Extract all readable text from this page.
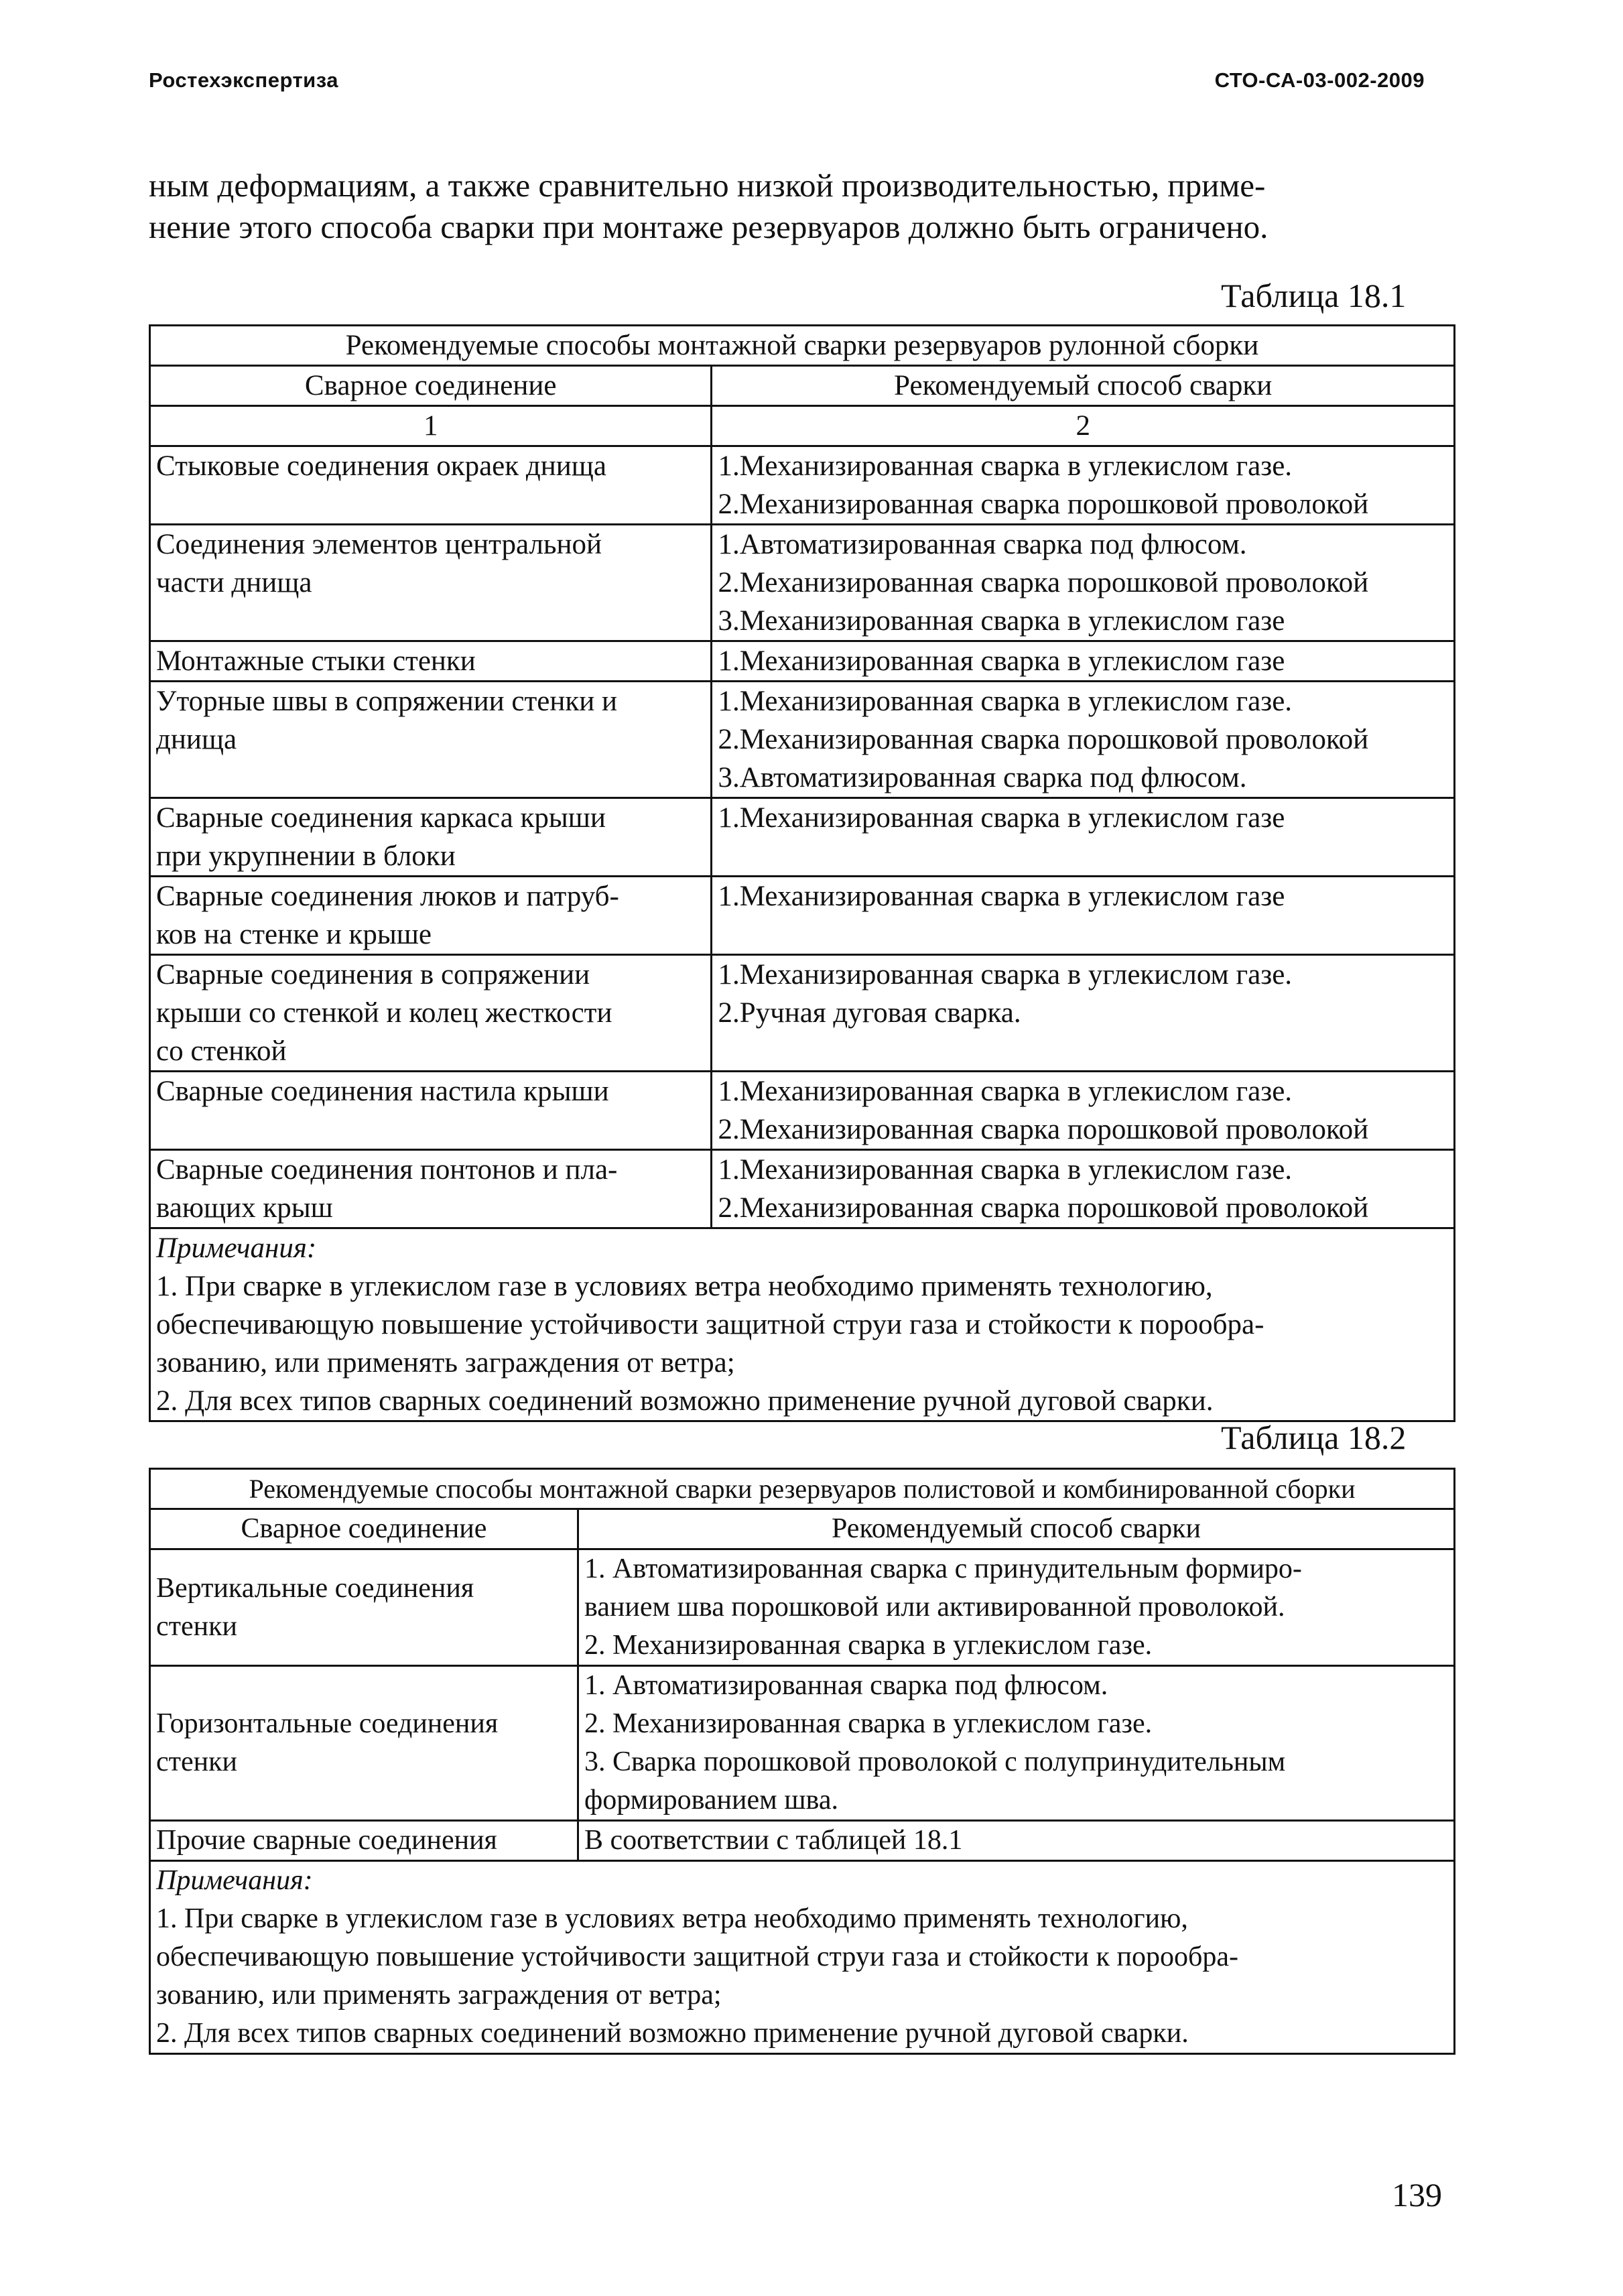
Ростехэкспертиза	СТО-СА-03-002-2009

ным деформациям, а также сравнительно низкой производительностью, приме-

нение этого способа сварки при монтаже резервуаров должно быть ограничено.

Таблица 18.1
Рекомендуемые способы монтажной сварки резервуаров рулонной сборки	
Сварное соединение	Рекомендуемый способ сварки
1	2

Стыковые соединения окраек днища	1.Механизированная сварка в углекислом газе.
2.Механизированная сварка порошковой проволокой

Соединения элементов центральной
части днища	1.Автоматизированная сварка под флюсом.
2.Механизированная сварка порошковой проволокой
3.Механизированная сварка в углекислом газе

Монтажные стыки стенки	1.Механизированная сварка в углекислом газе

Уторные швы в сопряжении стенки и
днища	1.Механизированная сварка в углекислом газе.
2.Механизированная сварка порошковой проволокой
3.Автоматизированная сварка под флюсом.

Сварные соединения каркаса крыши
при укрупнении в блоки	1.Механизированная сварка в углекислом газе

Сварные соединения люков и патруб-
ков на стенке и крыше	1.Механизированная сварка в углекислом газе

Сварные соединения в сопряжении
крыши со стенкой и колец жесткости
со стенкой	1.Механизированная сварка в углекислом газе.
2.Ручная дуговая сварка.

Сварные соединения настила крыши	1.Механизированная сварка в углекислом газе.
2.Механизированная сварка порошковой проволокой

Сварные соединения понтонов и пла-
вающих крыш	1.Механизированная сварка в углекислом газе.
2.Механизированная сварка порошковой проволокой

Примечания:
1. При сварке в углекислом газе в условиях ветра необходимо применять технологию,
обеспечивающую повышение устойчивости защитной струи газа и стойкости к порообра-
зованию, или применять заграждения от ветра;
2. Для всех типов сварных соединений возможно применение ручной дуговой сварки.	
Таблица 18.2
Рекомендуемые способы монтажной сварки резервуаров полистовой и комбинированной сборки	
Сварное соединение	Рекомендуемый способ сварки

Вертикальные соединения
стенки	1. Автоматизированная сварка с принудительным формиро-
ванием шва порошковой или активированной проволокой.
2. Механизированная сварка в углекислом газе.

Горизонтальные соединения
стенки	1. Автоматизированная сварка под флюсом.
2. Механизированная сварка в углекислом газе.
3. Сварка порошковой проволокой с полупринудительным
формированием шва.

Прочие сварные соединения	В соответствии с таблицей 18.1

Примечания:
1. При сварке в углекислом газе в условиях ветра необходимо применять технологию,
обеспечивающую повышение устойчивости защитной струи газа и стойкости к порообра-
зованию, или применять заграждения от ветра;
2. Для всех типов сварных соединений возможно применение ручной дуговой сварки.	
139
